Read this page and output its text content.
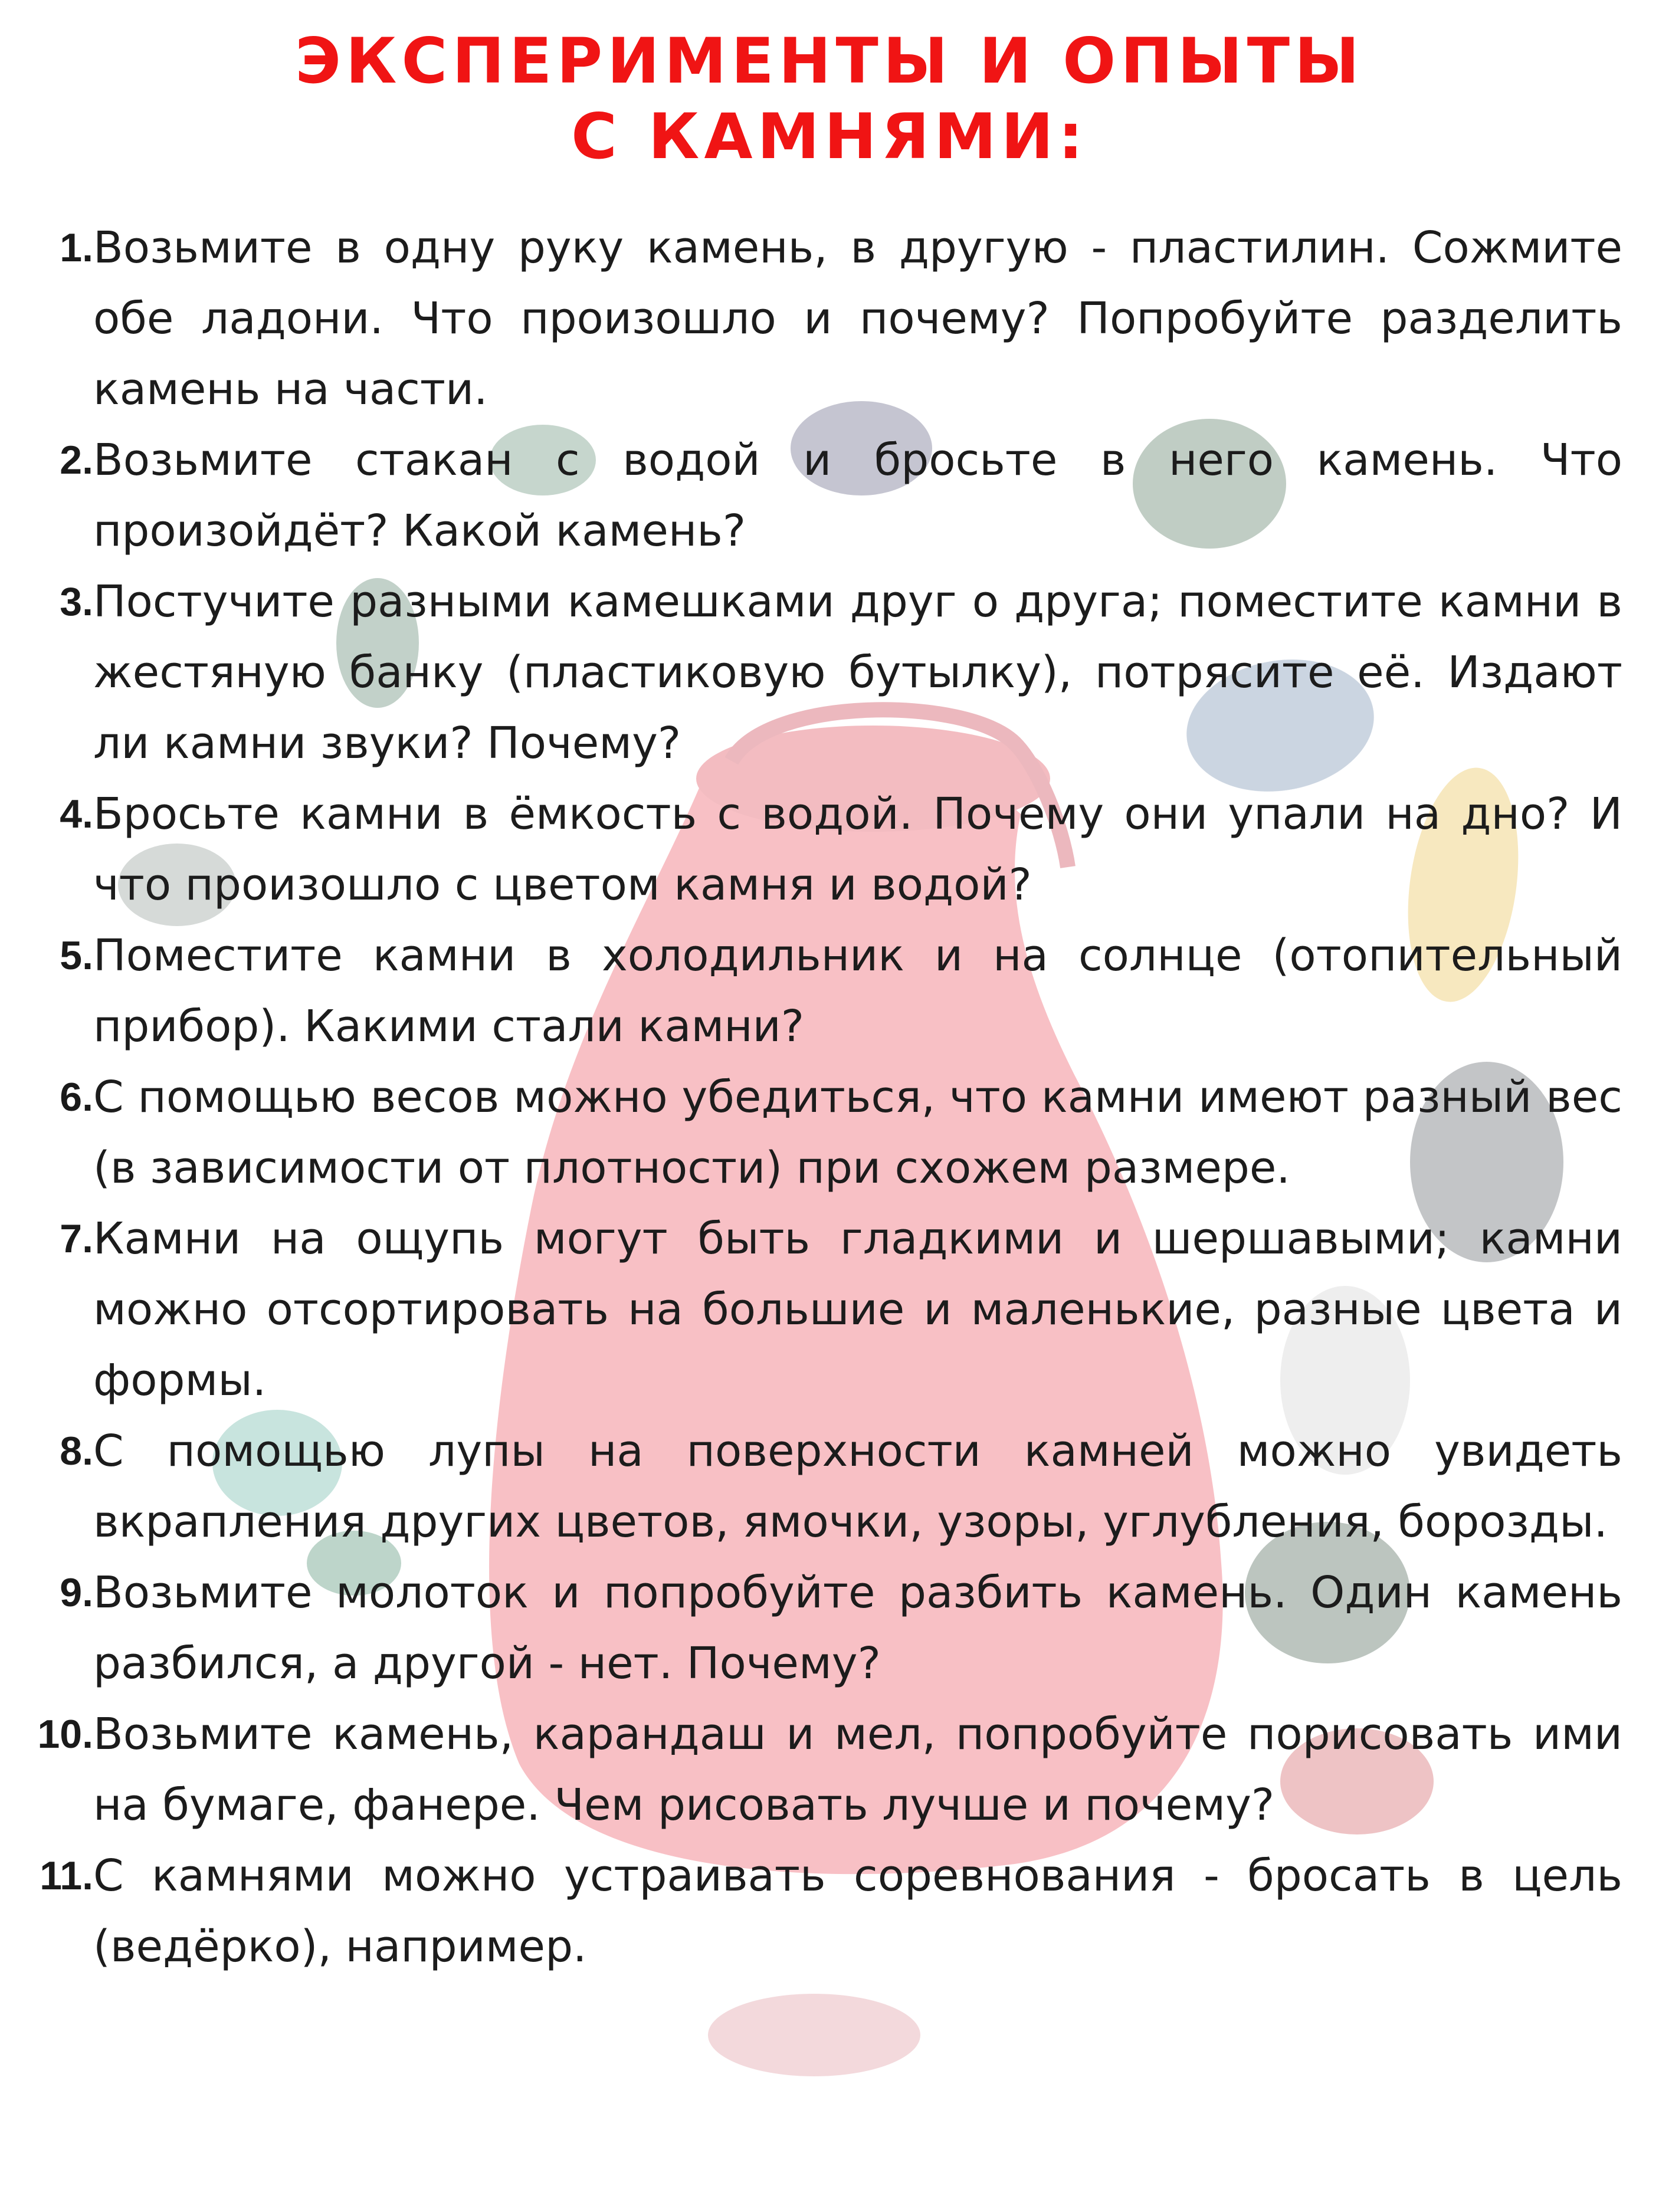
ЭКСПЕРИМЕНТЫ И ОПЫТЫ
С КАМНЯМИ:
1. Возьмите в одну руку камень, в другую - пластилин. Сожмите обе ладони. Что произошло и почему? Попробуйте разделить камень на части.
2. Возьмите стакан с водой и бросьте в него камень. Что произойдёт? Какой камень?
3. Постучите разными камешками друг о друга; поместите камни в жестяную банку (пластиковую бутылку), потрясите её. Издают ли камни звуки? Почему?
4. Бросьте камни в ёмкость с водой. Почему они упали на дно? И что произошло с цветом камня и водой?
5. Поместите камни в холодильник и на солнце (отопительный прибор). Какими стали камни?
6. С помощью весов можно убедиться, что камни имеют разный вес (в зависимости от плотности) при схожем размере.
7. Камни на ощупь могут быть гладкими и шершавыми; камни можно отсортировать на большие и маленькие, разные цвета и формы.
8. С помощью лупы на поверхности камней можно увидеть вкрапления других цветов, ямочки, узоры, углубления, борозды.
9. Возьмите молоток и попробуйте разбить камень. Один камень разбился, а другой - нет. Почему?
10. Возьмите камень, карандаш и мел, попробуйте порисовать ими на бумаге, фанере. Чем рисовать лучше и почему?
11. С камнями можно устраивать соревнования - бросать в цель (ведёрко), например.
